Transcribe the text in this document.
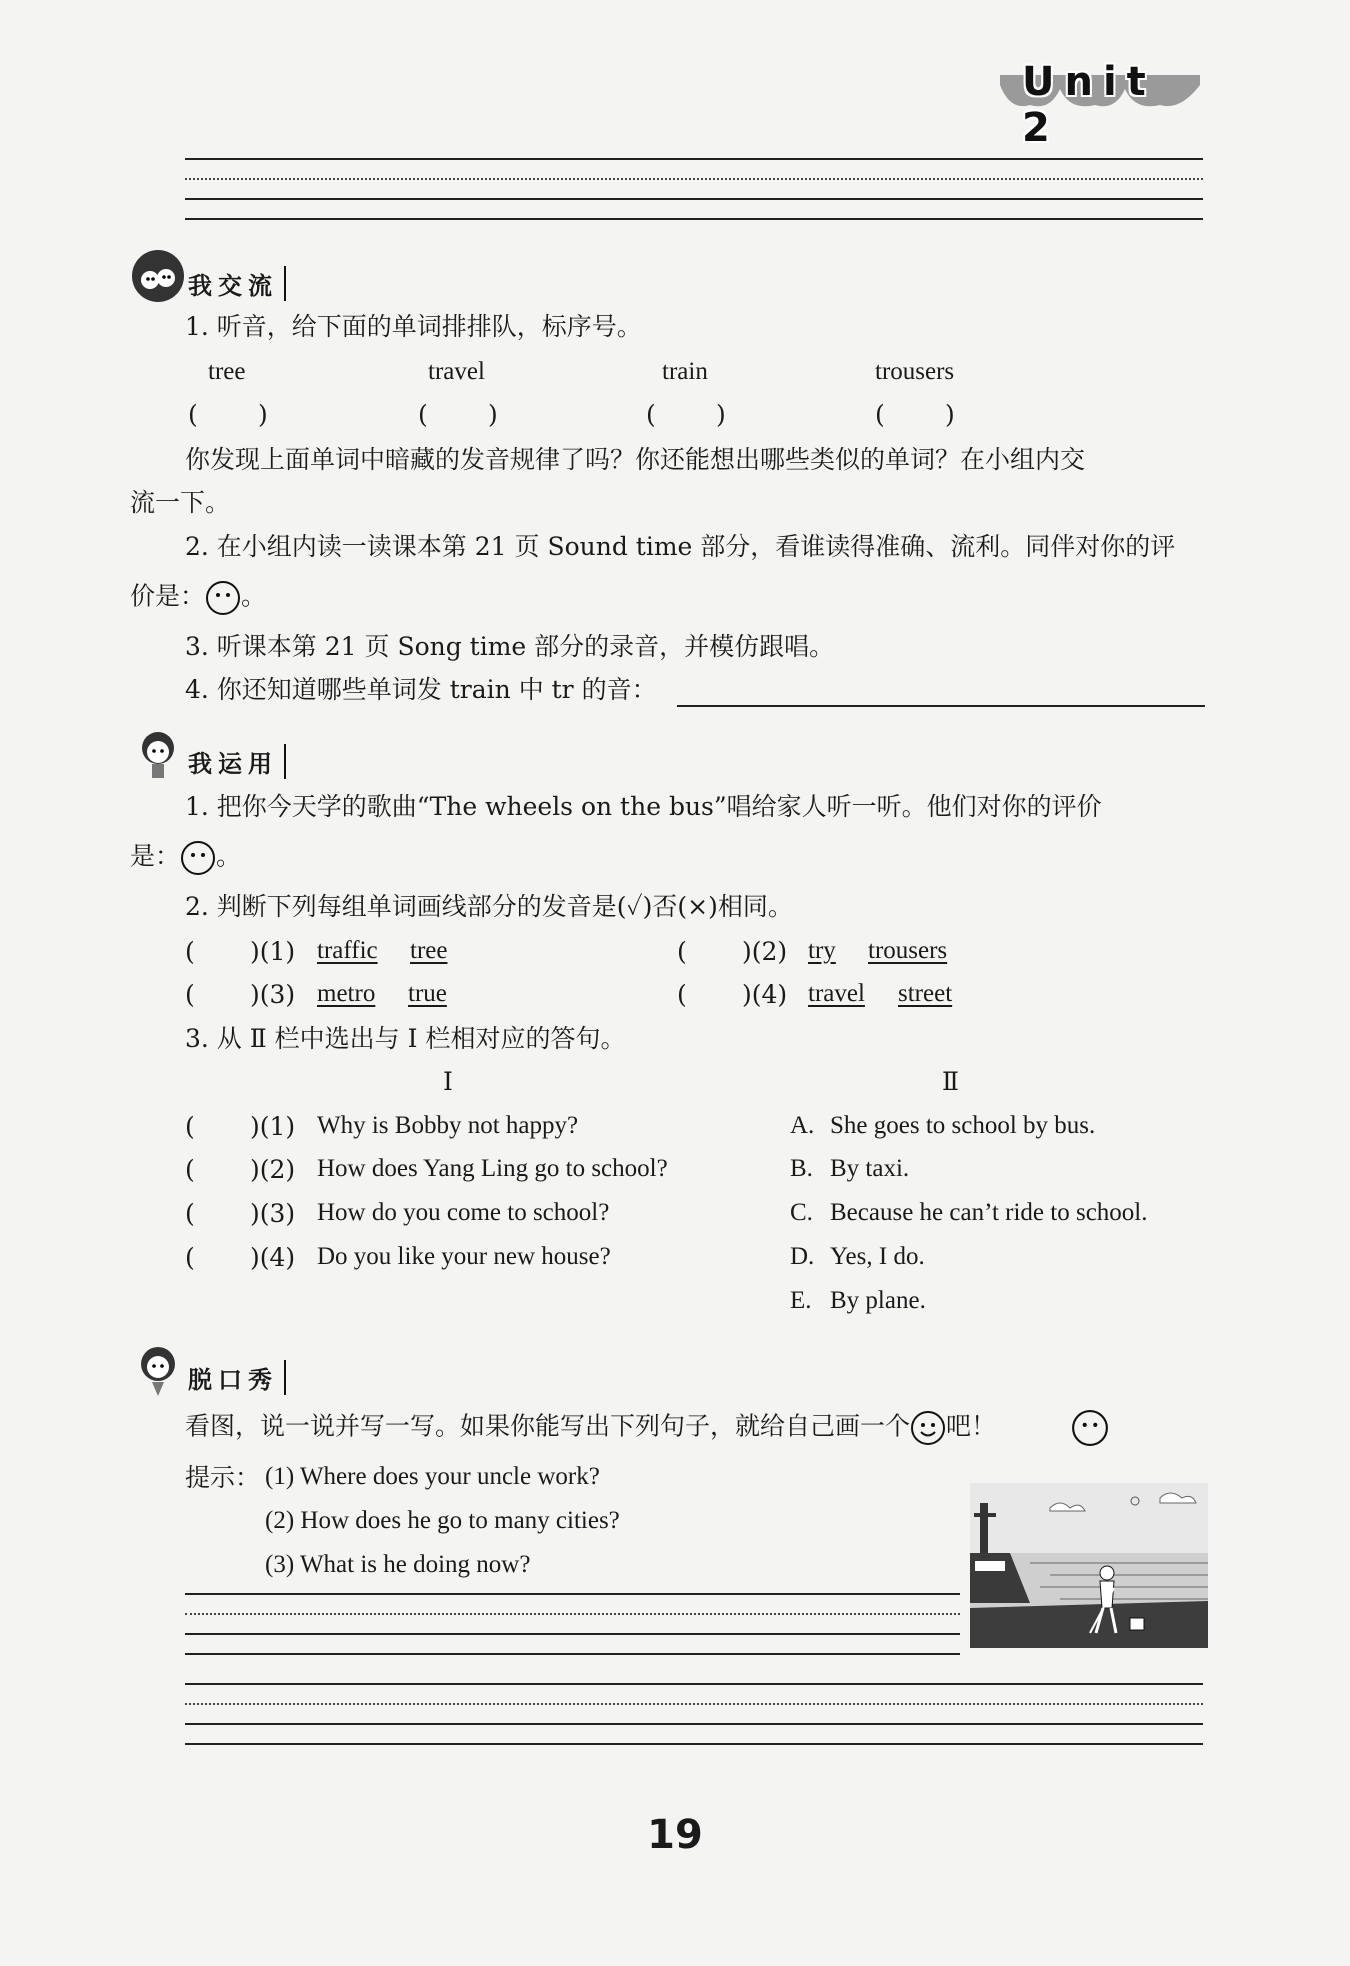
Unit 2
我交流
1. 听音，给下面的单词排排队，标序号。
tree	travel	train	trousers
( )	( )	( )	( )
你发现上面单词中暗藏的发音规律了吗？你还能想出哪些类似的单词？在小组内交
流一下。
2. 在小组内读一读课本第 21 页 Sound time 部分，看谁读得准确、流利。同伴对你的评
价是： 。
3. 听课本第 21 页 Song time 部分的录音，并模仿跟唱。
4. 你还知道哪些单词发 train 中 tr 的音：
我运用
1. 把你今天学的歌曲“The wheels on the bus”唱给家人听一听。他们对你的评价
是： 。
2. 判断下列每组单词画线部分的发音是(✓)否(×)相同。
( )(1) traffic tree	( )(2) try trousers
( )(3) metro true	( )(4) travel street
3. 从 Ⅱ 栏中选出与 Ⅰ 栏相对应的答句。
Ⅰ	Ⅱ
( )(1) Why is Bobby not happy?
( )(2) How does Yang Ling go to school?
( )(3) How do you come to school?
( )(4) Do you like your new house?
A. She goes to school by bus.
B. By taxi.
C. Because he can’t ride to school.
D. Yes, I do.
E. By plane.
脱口秀
看图，说一说并写一写。如果你能写出下列句子，就给自己画一个 吧！
提示： (1) Where does your uncle work?
(2) How does he go to many cities?
(3) What is he doing now?
19
